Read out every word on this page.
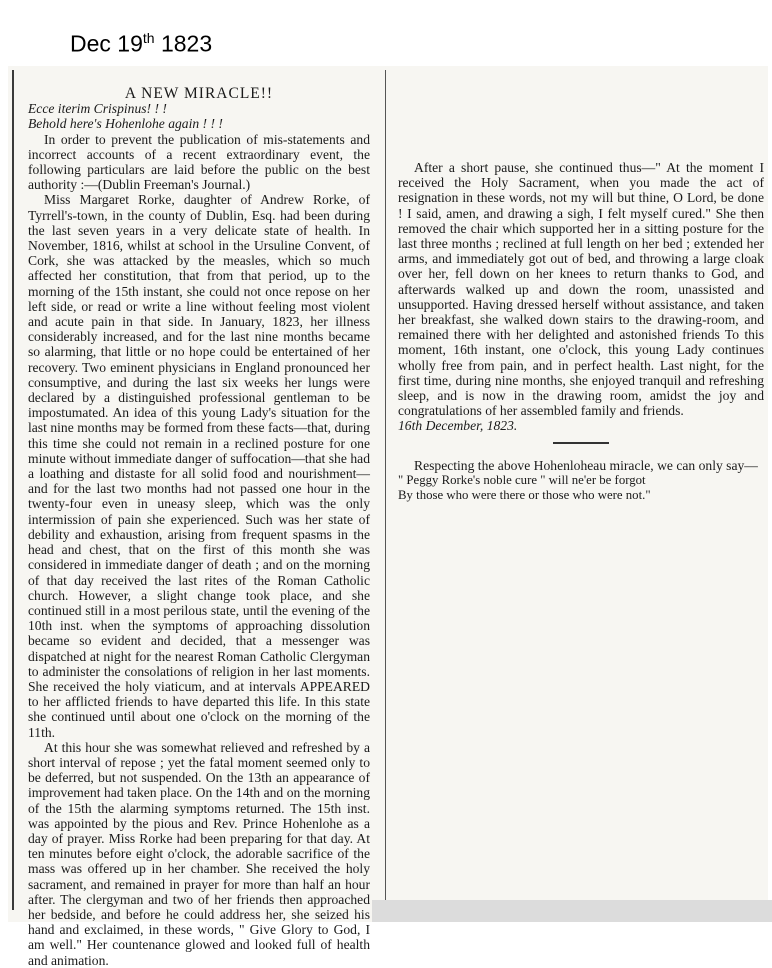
Dec 19th 1823

A NEW MIRACLE!!

Ecce iterim Crispinus! ! !

Behold here's Hohenlohe again ! ! !

In order to prevent the publication of mis-statements and incorrect accounts of a recent extraordinary event, the following particulars are laid before the public on the best authority :—(Dublin Freeman's Journal.)

Miss Margaret Rorke, daughter of Andrew Rorke, of Tyrrell's-town, in the county of Dublin, Esq. had been during the last seven years in a very delicate state of health. In November, 1816, whilst at school in the Ursuline Convent, of Cork, she was attacked by the measles, which so much affected her constitution, that from that period, up to the morning of the 15th instant, she could not once repose on her left side, or read or write a line without feeling most violent and acute pain in that side. In January, 1823, her illness considerably increased, and for the last nine months became so alarming, that little or no hope could be entertained of her recovery. Two eminent physicians in England pronounced her consumptive, and during the last six weeks her lungs were declared by a distinguished professional gentleman to be impostumated. An idea of this young Lady's situation for the last nine months may be formed from these facts—that, during this time she could not remain in a reclined posture for one minute without immediate danger of suffocation—that she had a loathing and distaste for all solid food and nourishment—and for the last two months had not passed one hour in the twenty-four even in uneasy sleep, which was the only intermission of pain she experienced. Such was her state of debility and exhaustion, arising from frequent spasms in the head and chest, that on the first of this month she was considered in immediate danger of death ; and on the morning of that day received the last rites of the Roman Catholic church. However, a slight change took place, and she continued still in a most perilous state, until the evening of the 10th inst. when the symptoms of approaching dissolution became so evident and decided, that a messenger was dispatched at night for the nearest Roman Catholic Clergyman to administer the consolations of religion in her last moments. She received the holy viaticum, and at intervals APPEARED to her afflicted friends to have departed this life. In this state she continued until about one o'clock on the morning of the 11th.

At this hour she was somewhat relieved and refreshed by a short interval of repose ; yet the fatal moment seemed only to be deferred, but not suspended. On the 13th an appearance of improvement had taken place. On the 14th and on the morning of the 15th the alarming symptoms returned. The 15th inst. was appointed by the pious and Rev. Prince Hohenlohe as a day of prayer. Miss Rorke had been preparing for that day. At ten minutes before eight o'clock, the adorable sacrifice of the mass was offered up in her chamber. She received the holy sacrament, and remained in prayer for more than half an hour after. The clergyman and two of her friends then approached her bedside, and before he could address her, she seized his hand and exclaimed, in these words, " Give Glory to God, I am well." Her countenance glowed and looked full of health and animation.

After a short pause, she continued thus—" At the moment I received the Holy Sacrament, when you made the act of resignation in these words, not my will but thine, O Lord, be done ! I said, amen, and drawing a sigh, I felt myself cured." She then removed the chair which supported her in a sitting posture for the last three months ; reclined at full length on her bed ; extended her arms, and immediately got out of bed, and throwing a large cloak over her, fell down on her knees to return thanks to God, and afterwards walked up and down the room, unassisted and unsupported. Having dressed herself without assistance, and taken her breakfast, she walked down stairs to the drawing-room, and remained there with her delighted and astonished friends To this moment, 16th instant, one o'clock, this young Lady continues wholly free from pain, and in perfect health. Last night, for the first time, during nine months, she enjoyed tranquil and refreshing sleep, and is now in the drawing room, amidst the joy and congratulations of her assembled family and friends.

16th December, 1823.

Respecting the above Hohenloheau miracle, we can only say—

" Peggy Rorke's noble cure " will ne'er be forgot

By those who were there or those who were not."
